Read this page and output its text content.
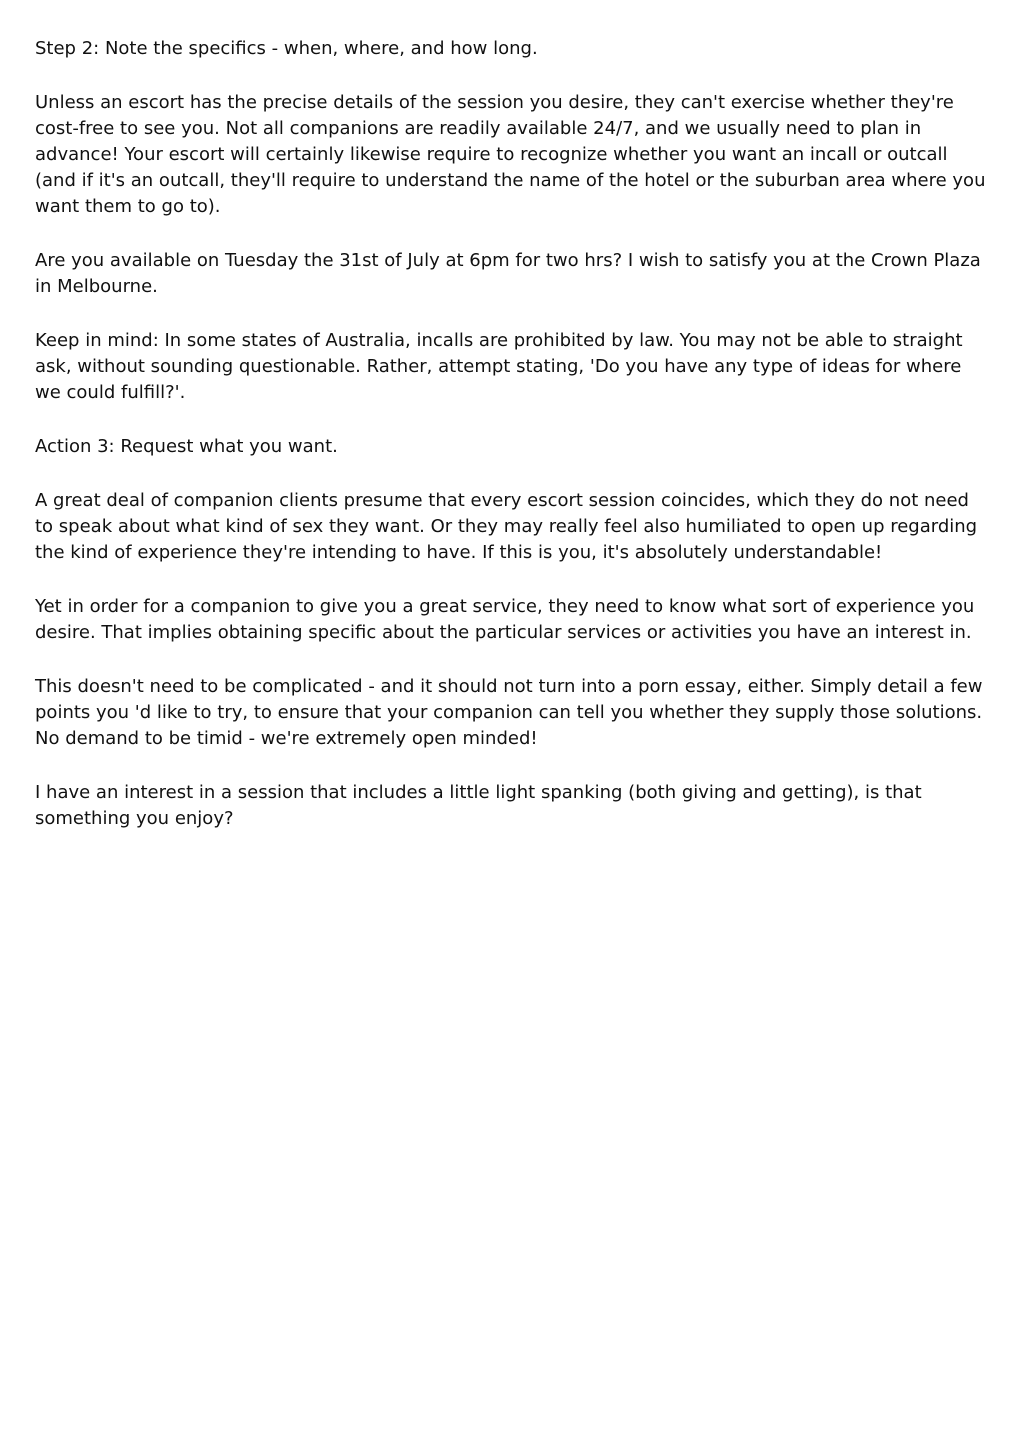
Step 2: Note the specifics - when, where, and how long.

Unless an escort has the precise details of the session you desire, they can't exercise whether they're cost-free to see you. Not all companions are readily available 24/7, and we usually need to plan in advance! Your escort will certainly likewise require to recognize whether you want an incall or outcall (and if it's an outcall, they'll require to understand the name of the hotel or the suburban area where you want them to go to).

Are you available on Tuesday the 31st of July at 6pm for two hrs? I wish to satisfy you at the Crown Plaza in Melbourne.

Keep in mind: In some states of Australia, incalls are prohibited by law. You may not be able to straight ask, without sounding questionable. Rather, attempt stating, 'Do you have any type of ideas for where we could fulfill?'.

Action 3: Request what you want.

A great deal of companion clients presume that every escort session coincides, which they do not need to speak about what kind of sex they want. Or they may really feel also humiliated to open up regarding the kind of experience they're intending to have. If this is you, it's absolutely understandable!

Yet in order for a companion to give you a great service, they need to know what sort of experience you desire. That implies obtaining specific about the particular services or activities you have an interest in.

This doesn't need to be complicated - and it should not turn into a porn essay, either. Simply detail a few points you 'd like to try, to ensure that your companion can tell you whether they supply those solutions. No demand to be timid - we're extremely open minded!

I have an interest in a session that includes a little light spanking (both giving and getting), is that something you enjoy?
